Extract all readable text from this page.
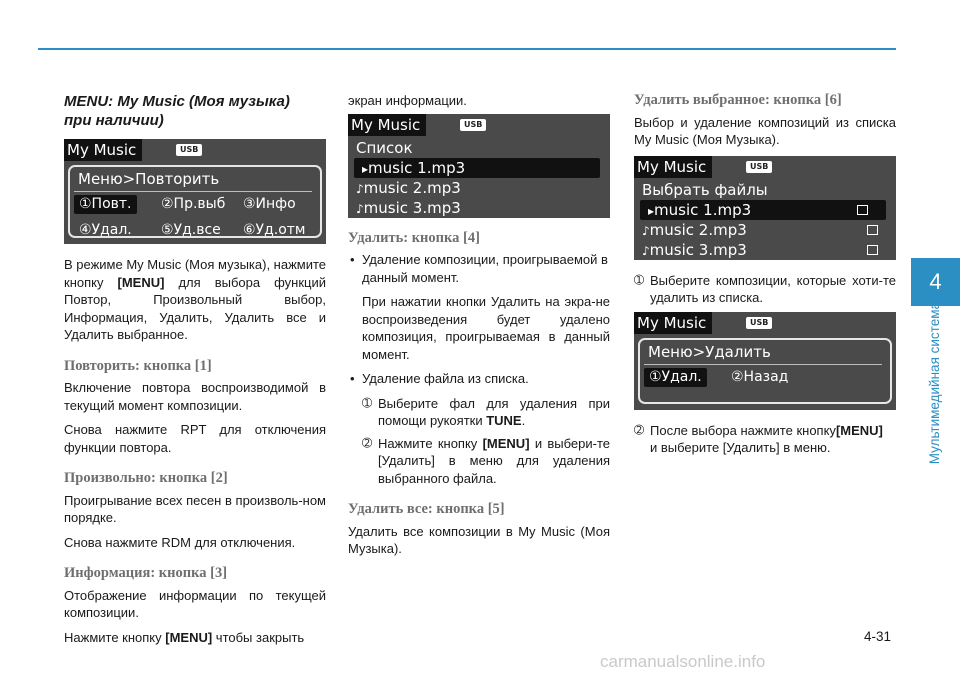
MENU: My Music (Моя музыка)
при наличии)
My Music	USB
Меню>Повторить
①Повт.	②Пр.выб	③Инфо
④Удал.	⑤Уд.все	⑥Уд.отм

В режиме My Music (Моя музыка), нажмите кнопку [MENU] для выбора функций Повтор, Произвольный выбор, Информация, Удалить, Удалить все и Удалить выбранное.

Повторить: кнопка [1]

Включение повтора воспроизводимой в текущий момент композиции.

Снова нажмите RPT для отключения функции повтора.

Произвольно: кнопка [2]

Проигрывание всех песен в произволь-ном порядке.

Снова нажмите RDM для отключения.

Информация: кнопка [3]

Отображение информации по текущей композиции.

Нажмите кнопку [MENU] чтобы закрыть

экран информации.

My Music	USB
Список
▸music 1.mp3
♪music 2.mp3
♪music 3.mp3
Удалить: кнопка [4]
• Удаление композиции, проигрываемой в данный момент.
При нажатии кнопки Удалить на экра-не воспроизведения будет удалено композиция, проигрываемая в данный момент.
• Удаление файла из списка.
➀ Выберите фал для удаления при помощи рукоятки TUNE.
➁ Нажмите кнопку [MENU] и выбери-те [Удалить] в меню для удаления выбранного файла.
Удалить все: кнопка [5]

Удалить все композиции в My Music (Моя Музыка).

Удалить выбранное: кнопка [6]

Выбор и удаление композиций из списка My Music (Моя Музыка).

My Music	USB
Выбрать файлы
▸music 1.mp3
♪music 2.mp3
♪music 3.mp3
➀ Выберите композиции, которые хоти-те удалить из списка.
My Music	USB
Меню>Удалить
①Удал.	②Назад
➁ После выбора нажмите кнопку[MENU]
и выберите [Удалить] в меню.
4
Мультимедийная система
4-31
carmanualsonline.info
